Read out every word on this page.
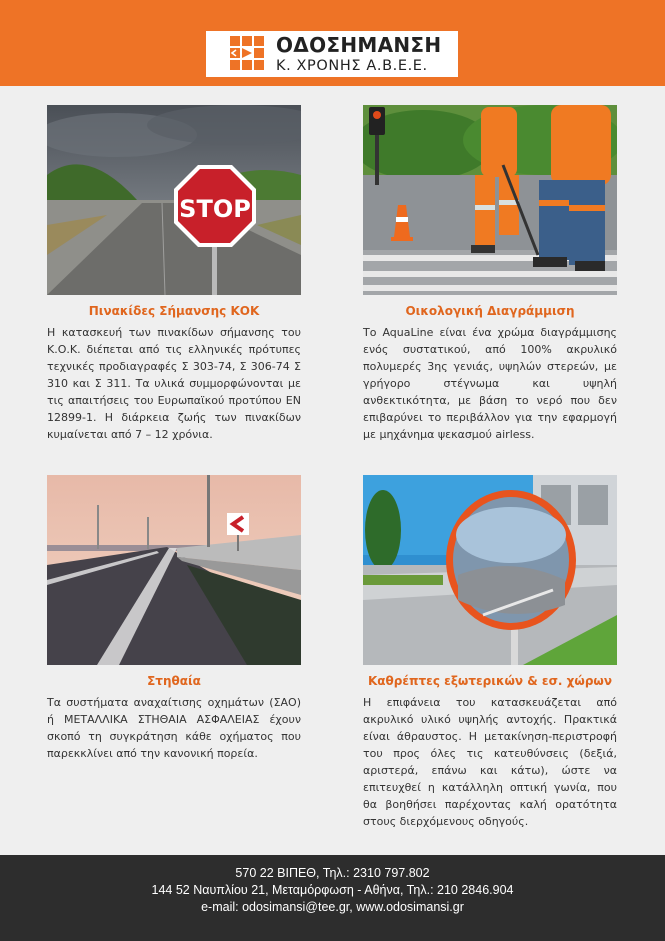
ΟΔΟΣΗΜΑΝΣΗ
Κ. ΧΡΟΝΗΣ Α.Β.Ε.Ε.
STOP
Πινακίδες Σήμανσης ΚΟΚ
Η κατασκευή των πινακίδων σήμανσης του Κ.Ο.Κ. διέπεται από τις ελληνικές πρότυπες τεχνικές προδιαγραφές Σ 303-74, Σ 306-74 Σ 310 και Σ 311. Τα υλικά συμμορφώνονται με τις απαιτήσεις του Ευρωπαϊκού προτύπου EN 12899-1. Η διάρκεια ζωής των πινακίδων κυμαίνεται από 7 – 12 χρόνια.
Οικολογική Διαγράμμιση
Το AquaLine είναι ένα χρώμα διαγράμμισης ενός συστατικού, από 100% ακρυλικό πολυμερές 3ης γενιάς, υψηλών στερεών, με γρήγορο στέγνωμα και υψηλή ανθεκτικότητα, με βάση το νερό που δεν επιβαρύνει το περιβάλλον για την εφαρμογή με μηχάνημα ψεκασμού airless.
Στηθαία
Τα συστήματα αναχαίτισης οχημάτων (ΣΑΟ) ή ΜΕΤΑΛΛΙΚΑ ΣΤΗΘΑΙΑ ΑΣΦΑΛΕΙΑΣ έχουν σκοπό τη συγκράτηση κάθε οχήματος που παρεκκλίνει από την κανονική πορεία.
Καθρέπτες εξωτερικών & εσ. χώρων
Η επιφάνεια του κατασκευάζεται από ακρυλικό υλικό υψηλής αντοχής. Πρακτικά είναι άθραυστος. Η μετακίνηση-περιστροφή του προς όλες τις κατευθύνσεις (δεξιά, αριστερά, επάνω και κάτω), ώστε να επιτευχθεί η κατάλληλη οπτική γωνία, που θα βοηθήσει παρέχοντας καλή ορατότητα στους διερχόμενους οδηγούς.
570 22 ΒΙΠΕΘ, Τηλ.: 2310 797.802
144 52 Ναυπλίου 21, Μεταμόρφωση - Αθήνα, Τηλ.: 210 2846.904
e-mail: odosimansi@tee.gr, www.odosimansi.gr
